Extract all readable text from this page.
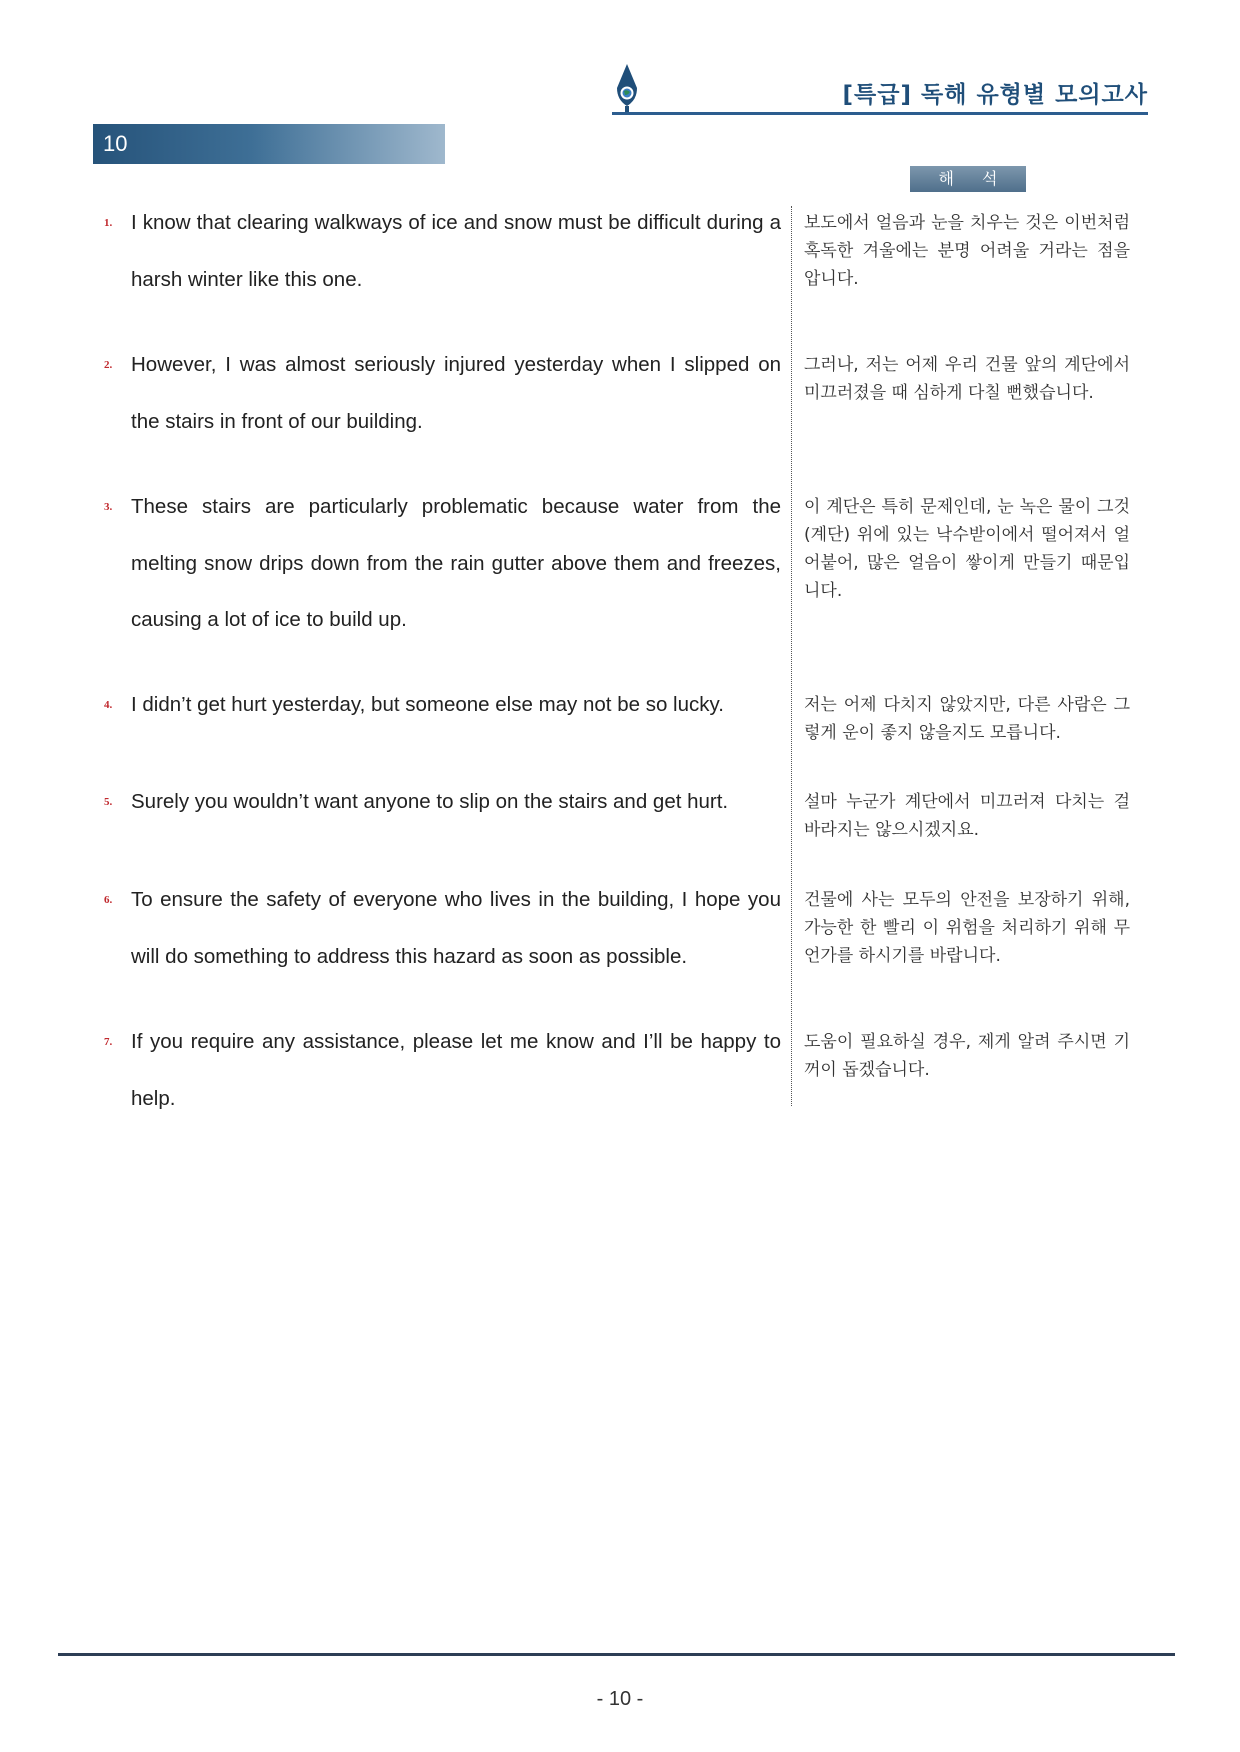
[특급] 독해 유형별 모의고사
10
해석
1. I know that clearing walkways of ice and snow must be difficult during a harsh winter like this one.
보도에서 얼음과 눈을 치우는 것은 이번처럼 혹독한 겨울에는 분명 어려울 거라는 점을 압니다.
2. However, I was almost seriously injured yesterday when I slipped on the stairs in front of our building.
그러나, 저는 어제 우리 건물 앞의 계단에서 미끄러졌을 때 심하게 다칠 뻔했습니다.
3. These stairs are particularly problematic because water from the melting snow drips down from the rain gutter above them and freezes, causing a lot of ice to build up.
이 계단은 특히 문제인데, 눈 녹은 물이 그것(계단) 위에 있는 낙수받이에서 떨어져서 얼어붙어, 많은 얼음이 쌓이게 만들기 때문입니다.
4. I didn’t get hurt yesterday, but someone else may not be so lucky.	저는 어제 다치지 않았지만, 다른 사람은 그렇게 운이 좋지 않을지도 모릅니다.
5. Surely you wouldn’t want anyone to slip on the stairs and get hurt.	설마 누군가 계단에서 미끄러져 다치는 걸 바라지는 않으시겠지요.
6. To ensure the safety of everyone who lives in the building, I hope you will do something to address this hazard as soon as possible.
건물에 사는 모두의 안전을 보장하기 위해, 가능한 한 빨리 이 위험을 처리하기 위해 무언가를 하시기를 바랍니다.
7. If you require any assistance, please let me know and I’ll be happy to help.
도움이 필요하실 경우, 제게 알려 주시면 기꺼이 돕겠습니다.
- 10 -
